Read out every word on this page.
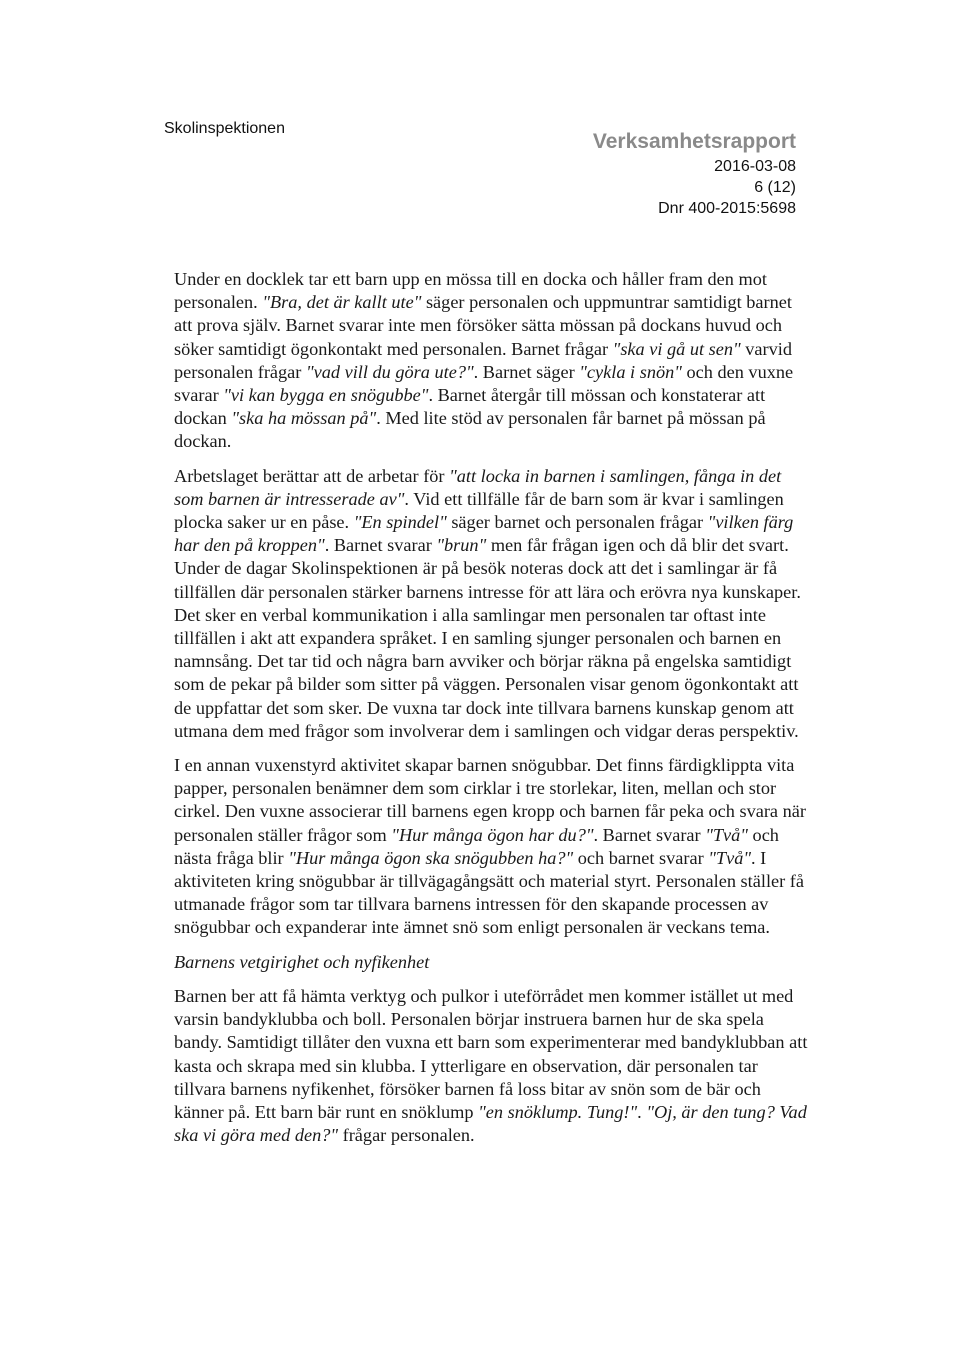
Skolinspektionen
Verksamhetsrapport
2016-03-08
6 (12)
Dnr 400-2015:5698

Under en docklek tar ett barn upp en mössa till en docka och håller fram den mot personalen. "Bra, det är kallt ute" säger personalen och uppmuntrar samtidigt barnet att prova själv. Barnet svarar inte men försöker sätta mössan på dockans huvud och söker samtidigt ögonkontakt med personalen. Barnet frågar "ska vi gå ut sen" varvid personalen frågar "vad vill du göra ute?". Barnet säger "cykla i snön" och den vuxne svarar "vi kan bygga en snögubbe". Barnet återgår till mössan och konstaterar att dockan "ska ha mössan på". Med lite stöd av personalen får barnet på mössan på dockan.

Arbetslaget berättar att de arbetar för "att locka in barnen i samlingen, fånga in det som barnen är intresserade av". Vid ett tillfälle får de barn som är kvar i samlingen plocka saker ur en påse. "En spindel" säger barnet och personalen frågar "vilken färg har den på kroppen". Barnet svarar "brun" men får frågan igen och då blir det svart. Under de dagar Skolinspektionen är på besök noteras dock att det i samlingar är få tillfällen där personalen stärker barnens intresse för att lära och erövra nya kunskaper. Det sker en verbal kommunikation i alla samlingar men personalen tar oftast inte tillfällen i akt att expandera språket. I en samling sjunger personalen och barnen en namnsång. Det tar tid och några barn avviker och börjar räkna på engelska samtidigt som de pekar på bilder som sitter på väggen. Personalen visar genom ögonkontakt att de uppfattar det som sker. De vuxna tar dock inte tillvara barnens kunskap genom att utmana dem med frågor som involverar dem i samlingen och vidgar deras perspektiv.

I en annan vuxenstyrd aktivitet skapar barnen snögubbar. Det finns färdigklippta vita papper, personalen benämner dem som cirklar i tre storlekar, liten, mellan och stor cirkel. Den vuxne associerar till barnens egen kropp och barnen får peka och svara när personalen ställer frågor som "Hur många ögon har du?". Barnet svarar "Två" och nästa fråga blir "Hur många ögon ska snögubben ha?" och barnet svarar "Två". I aktiviteten kring snögubbar är tillvägagångsätt och material styrt. Personalen ställer få utmanade frågor som tar tillvara barnens intressen för den skapande processen av snögubbar och expanderar inte ämnet snö som enligt personalen är veckans tema.

Barnens vetgirighet och nyfikenhet

Barnen ber att få hämta verktyg och pulkor i uteförrådet men kommer istället ut med varsin bandyklubba och boll. Personalen börjar instruera barnen hur de ska spela bandy. Samtidigt tillåter den vuxna ett barn som experimenterar med bandyklubban att kasta och skrapa med sin klubba. I ytterligare en observation, där personalen tar tillvara barnens nyfikenhet, försöker barnen få loss bitar av snön som de bär och känner på. Ett barn bär runt en snöklump "en snöklump. Tung!". "Oj, är den tung? Vad ska vi göra med den?" frågar personalen.
